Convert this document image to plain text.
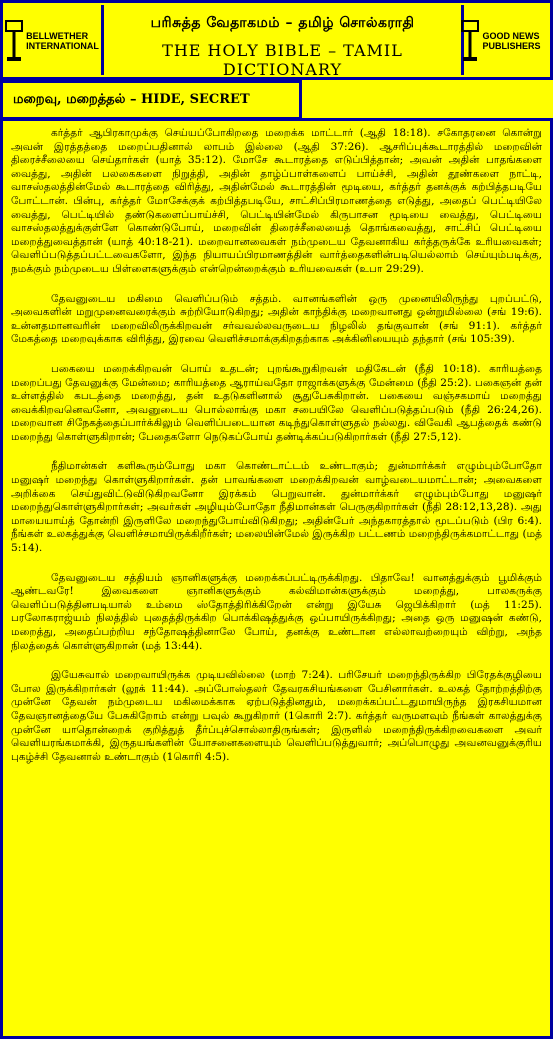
BELLWETHER
INTERNATIONAL
பரிசுத்த வேதாகமம் – தமிழ் சொல்கராதி
THE HOLY BIBLE – TAMIL DICTIONARY
GOOD NEWS
PUBLISHERS
மறைவு, மறைத்தல் – HIDE, SECRET

கர்த்தர் ஆபிரகாமுக்கு செய்யப்போகிறதை மறைக்க மாட்டார் (ஆதி 18:18). சகோதரனை கொன்று அவன் இரத்தத்தை மறைப்பதினால் லாபம் இல்லை (ஆதி 37:26). ஆசரிப்புக்கூடாரத்தில் மறைவின் திரைச்சீலையை செய்தார்கள் (யாத் 35:12). மோசே கூடாரத்தை எடுப்பித்தான்; அவன் அதின் பாதங்களை வைத்து, அதின் பலகைகளை நிறுத்தி, அதின் தாழ்ப்பாள்களைப் பாய்ச்சி, அதின் தூண்களை நாட்டி, வாசஸ்தலத்தின்மேல் கூடாரத்தை விரித்து, அதின்மேல் கூடாரத்தின் மூடியை, கர்த்தர் தனக்குக் கற்பித்தபடியே போட்டான். பின்பு, கர்த்தர் மோசேக்குக் கற்பித்தபடியே, சாட்சிப்பிரமாணத்தை எடுத்து, அதைப் பெட்டியிலே வைத்து, பெட்டியில் தண்டுகளைப்பாய்ச்சி, பெட்டியின்மேல் கிருபாசன மூடியை வைத்து, பெட்டியை வாசஸ்தலத்துக்குள்ளே கொண்டுபோய், மறைவின் திரைச்சீலையைத் தொங்கவைத்து, சாட்சிப் பெட்டியை மறைத்துவைத்தான் (யாத் 40:18-21). மறைவானவைகள் நம்முடைய தேவனாகிய கர்த்தருக்கே உரியவைகள்; வெளிப்படுத்தப்பட்டவைகளோ, இந்த நியாயப்பிரமாணத்தின் வார்த்தைகளின்படியெல்லாம் செய்யும்படிக்கு, நமக்கும் நம்முடைய பிள்ளைகளுக்கும் என்றென்றைக்கும் உரியவைகள் (உபா 29:29).

தேவனுடைய மகிமை வெளிப்படும் சத்தம். வானங்களின் ஒரு முனையிலிருந்து புறப்பட்டு, அவைகளின் மறுமுனைவரைக்கும் சுற்றியோடுகிறது; அதின் காந்திக்கு மறைவானது ஒன்றுமில்லை (சங் 19:6). உன்னதமானவரின் மறைவிலிருக்கிறவன் சர்வவல்லவருடைய நிழலில் தங்குவான் (சங் 91:1). கர்த்தர் மேகத்தை மறைவுக்காக விரித்து, இரவை வெளிச்சமாக்குகிறதற்காக அக்கினியையும் தந்தார் (சங் 105:39).

பகையை மறைக்கிறவன் பொய் உதடன்; புறங்கூறுகிறவன் மதிகேடன் (நீதி 10:18). காரியத்தை மறைப்பது தேவனுக்கு மேன்மை; காரியத்தை ஆராய்வதோ ராஜாக்களுக்கு மேன்மை (நீதி 25:2). பகைஞன் தன் உள்ளத்தில் கபடத்தை மறைத்து, தன் உதடுகளினால் சூதுபேசுகிறான். பகையை வஞ்சகமாய் மறைத்து வைக்கிறவனெவனோ, அவனுடைய பொல்லாங்கு மகா சபையிலே வெளிப்படுத்தப்படும் (நீதி 26:24,26). மறைவான சிநேகத்தைப்பார்க்கிலும் வெளிப்படையான கடிந்துகொள்ளுதல் நல்லது. விவேகி ஆபத்தைக் கண்டு மறைந்து கொள்ளுகிறான்; பேதைகளோ நெடுகப்போய் தண்டிக்கப்படுகிறார்கள் (நீதி 27:5,12).

நீதிமான்கள் களிகூரும்போது மகா கொண்டாட்டம் உண்டாகும்; துன்மார்க்கர் எழும்பும்போதோ மனுஷர் மறைந்து கொள்ளுகிறார்கள். தன் பாவங்களை மறைக்கிறவன் வாழ்வடையமாட்டான்; அவைகளை அறிக்கை செய்துவிட்டுவிடுகிறவனோ இரக்கம் பெறுவான். துன்மார்க்கர் எழும்பும்போது மனுஷர் மறைந்துகொள்ளுகிறார்கள்; அவர்கள் அழியும்போதோ நீதிமான்கள் பெருகுகிறார்கள் (நீதி 28:12,13,28). அது மாயையாய்த் தோன்றி இருளிலே மறைந்துபோய்விடுகிறது; அதின்பேர் அந்தகாரத்தால் மூடப்படும் (பிர 6:4). நீங்கள் உலகத்துக்கு வெளிச்சமாயிருக்கிறீர்கள்; மலையின்மேல் இருக்கிற பட்டணம் மறைந்திருக்கமாட்டாது (மத் 5:14).

தேவனுடைய சத்தியம் ஞானிகளுக்கு மறைக்கப்பட்டிருக்கிறது. பிதாவே! வானத்துக்கும் பூமிக்கும் ஆண்டவரே! இவைகளை ஞானிகளுக்கும் கல்விமான்களுக்கும் மறைத்து, பாலகருக்கு வெளிப்படுத்தினபடியால் உம்மை ஸ்தோத்திரிக்கிறேன் என்று இயேசு ஜெபிக்கிறார் (மத் 11:25). பரலோகராஜ்யம் நிலத்தில் புதைத்திருக்கிற பொக்கிஷத்துக்கு ஒப்பாயிருக்கிறது; அதை ஒரு மனுஷன் கண்டு, மறைத்து, அதைப்பற்றிய சந்தோஷத்தினாலே போய், தனக்கு உண்டான எல்லாவற்றையும் விற்று, அந்த நிலத்தைக் கொள்ளுகிறான் (மத் 13:44).

இயேசுவால் மறைவாயிருக்க முடியவில்லை (மாற் 7:24). பரிசேயர் மறைந்திருக்கிற பிரேதக்குழியை போல இருக்கிறார்கள் (லூக் 11:44). அப்போஸ்தலர் தேவரகசியங்களை பேசினார்கள். உலகத் தோற்றத்திற்கு முன்னே தேவன் நம்முடைய மகிமைக்காக ஏற்படுத்தினதும், மறைக்கப்பட்டதுமாயிருந்த இரகசியமான தேவஞானத்தையே பேசுகிறோம் என்று பவுல் கூறுகிறார் (1கொரி 2:7). கர்த்தர் வருமளவும் நீங்கள் காலத்துக்கு முன்னே யாதொன்றைக் குறித்துத் தீர்ப்புச்சொல்லாதிருங்கள்; இருளில் மறைந்திருக்கிறவைகளை அவர் வெளியரங்கமாக்கி, இருதயங்களின் யோசனைகளையும் வெளிப்படுத்துவார்; அப்பொழுது அவனவனுக்குரிய புகழ்ச்சி தேவனால் உண்டாகும் (1கொரி 4:5).
